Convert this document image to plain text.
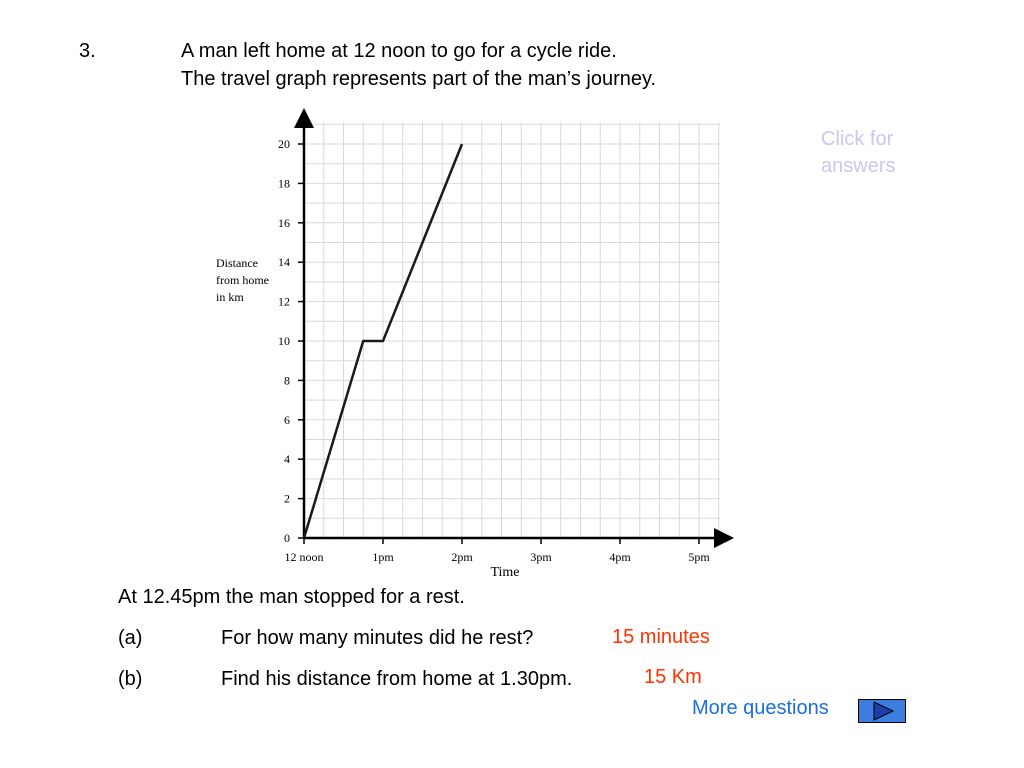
3.	A man left home at 12 noon to go for a cycle ride.
The travel graph represents part of the man’s journey.
Click for answers
0
2
4
6
8
10
12
14
16
18
20
12 noon	1pm	2pm	3pm	4pm	5pm
Time
Distance
from home
in km
At 12.45pm the man stopped for a rest.
(a)	For how many minutes did he rest?	15 minutes
(b)	Find his distance from home at 1.30pm.	15 Km
More questions
